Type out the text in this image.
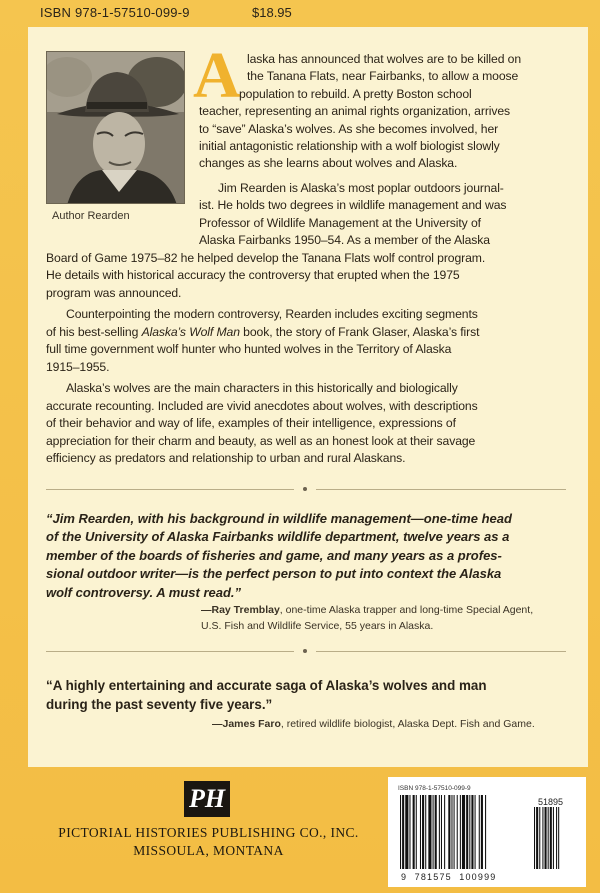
ISBN 978-1-57510-099-9	$18.95
Author Rearden
A laska has announced that wolves are to be killed on
the Tanana Flats, near Fairbanks, to allow a moose
population to rebuild. A pretty Boston school
teacher, representing an animal rights organization, arrives
to “save” Alaska’s wolves. As she becomes involved, her
initial antagonistic relationship with a wolf biologist slowly
changes as she learns about wolves and Alaska.
Jim Rearden is Alaska’s most poplar outdoors journal-
ist. He holds two degrees in wildlife management and was
Professor of Wildlife Management at the University of
Alaska Fairbanks 1950–54. As a member of the Alaska
Board of Game 1975–82 he helped develop the Tanana Flats wolf control program.
He details with historical accuracy the controversy that erupted when the 1975
program was announced.
Counterpointing the modern controversy, Rearden includes exciting segments
of his best-selling Alaska’s Wolf Man book, the story of Frank Glaser, Alaska’s first
full time government wolf hunter who hunted wolves in the Territory of Alaska
1915–1955.
Alaska’s wolves are the main characters in this historically and biologically
accurate recounting. Included are vivid anecdotes about wolves, with descriptions
of their behavior and way of life, examples of their intelligence, expressions of
appreciation for their charm and beauty, as well as an honest look at their savage
efficiency as predators and relationship to urban and rural Alaskans.
“Jim Rearden, with his background in wildlife management—one-time head
of the University of Alaska Fairbanks wildlife department, twelve years as a
member of the boards of fisheries and game, and many years as a profes-
sional outdoor writer—is the perfect person to put into context the Alaska
wolf controversy. A must read.”
—Ray Tremblay, one-time Alaska trapper and long-time Special Agent,
U.S. Fish and Wildlife Service, 55 years in Alaska.
“A highly entertaining and accurate saga of Alaska’s wolves and man
during the past seventy five years.”
—James Faro, retired wildlife biologist, Alaska Dept. Fish and Game.
PH
PICTORIAL HISTORIES PUBLISHING CO., INC.
MISSOULA, MONTANA
ISBN 978-1-57510-099-9
51895
9 781575 100999
